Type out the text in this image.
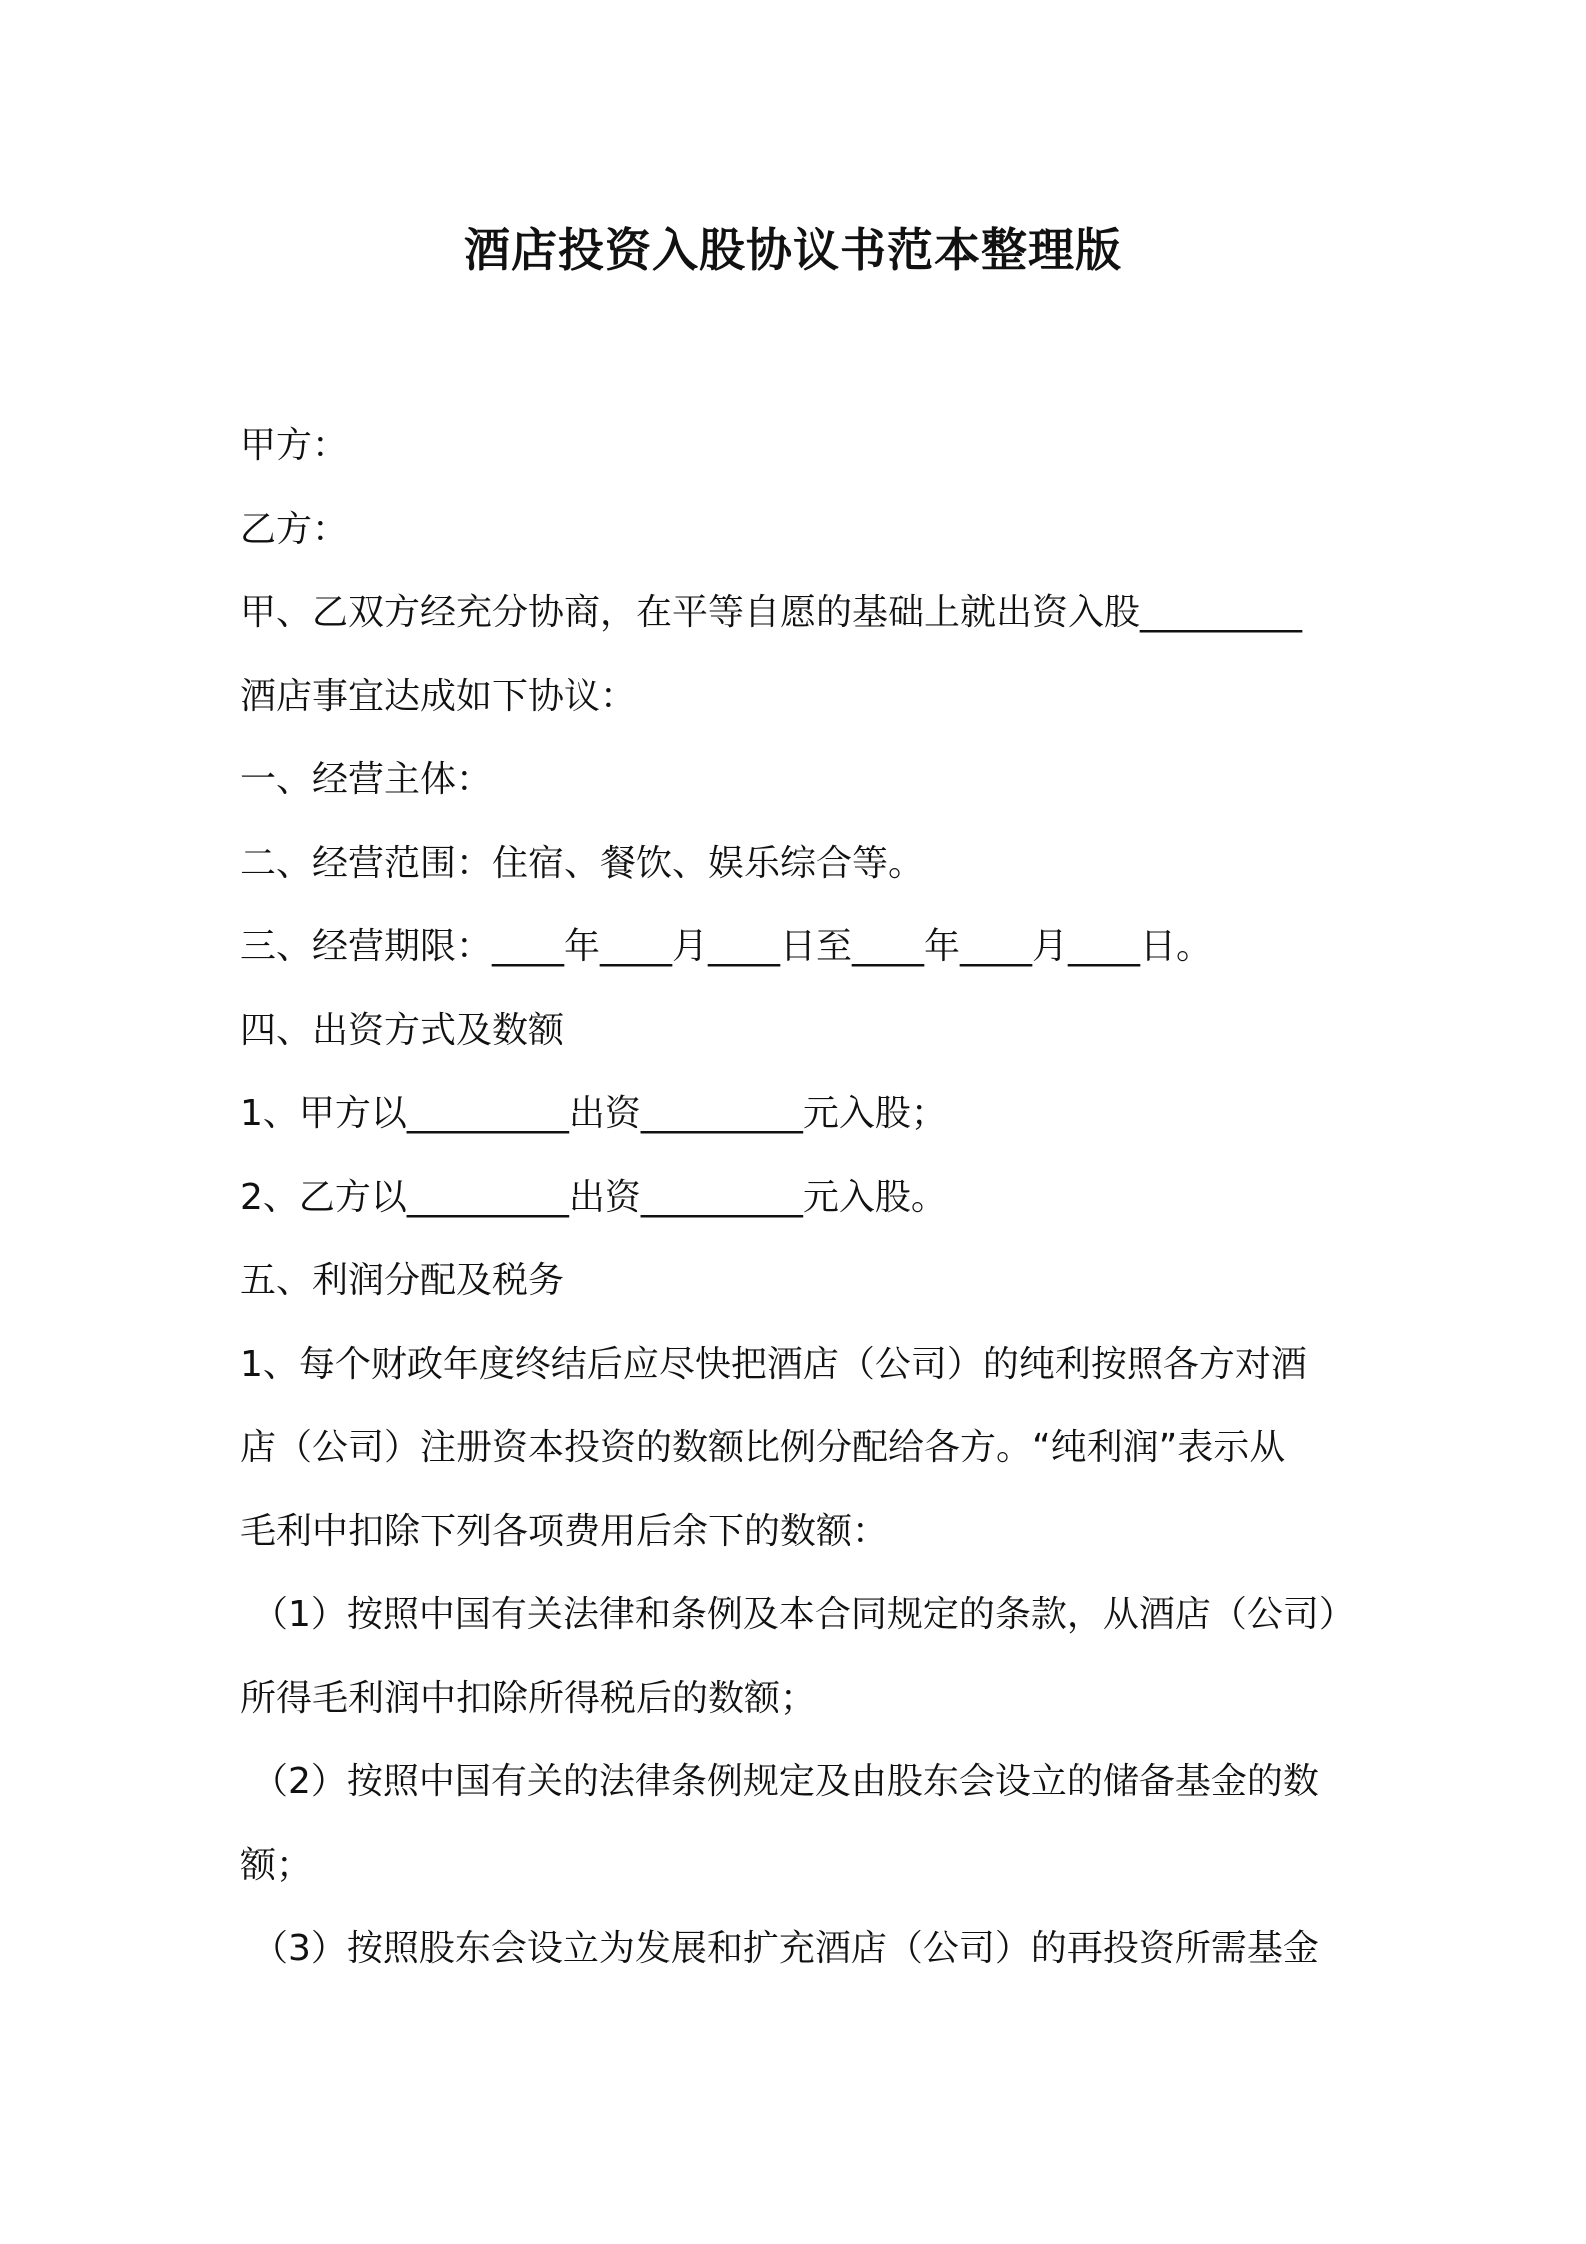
酒店投资入股协议书范本整理版

甲方：

乙方：

甲、乙双方经充分协商，在平等自愿的基础上就出资入股_________

酒店事宜达成如下协议：

一、经营主体：

二、经营范围：住宿、餐饮、娱乐综合等。

三、经营期限：____年____月____日至____年____月____日。

四、出资方式及数额

1、甲方以_________出资_________元入股；

2、乙方以_________出资_________元入股。

五、利润分配及税务

1、每个财政年度终结后应尽快把酒店（公司）的纯利按照各方对酒

店（公司）注册资本投资的数额比例分配给各方。“纯利润”表示从

毛利中扣除下列各项费用后余下的数额：

（1）按照中国有关法律和条例及本合同规定的条款，从酒店（公司）

所得毛利润中扣除所得税后的数额；

（2）按照中国有关的法律条例规定及由股东会设立的储备基金的数

额；

（3）按照股东会设立为发展和扩充酒店（公司）的再投资所需基金
